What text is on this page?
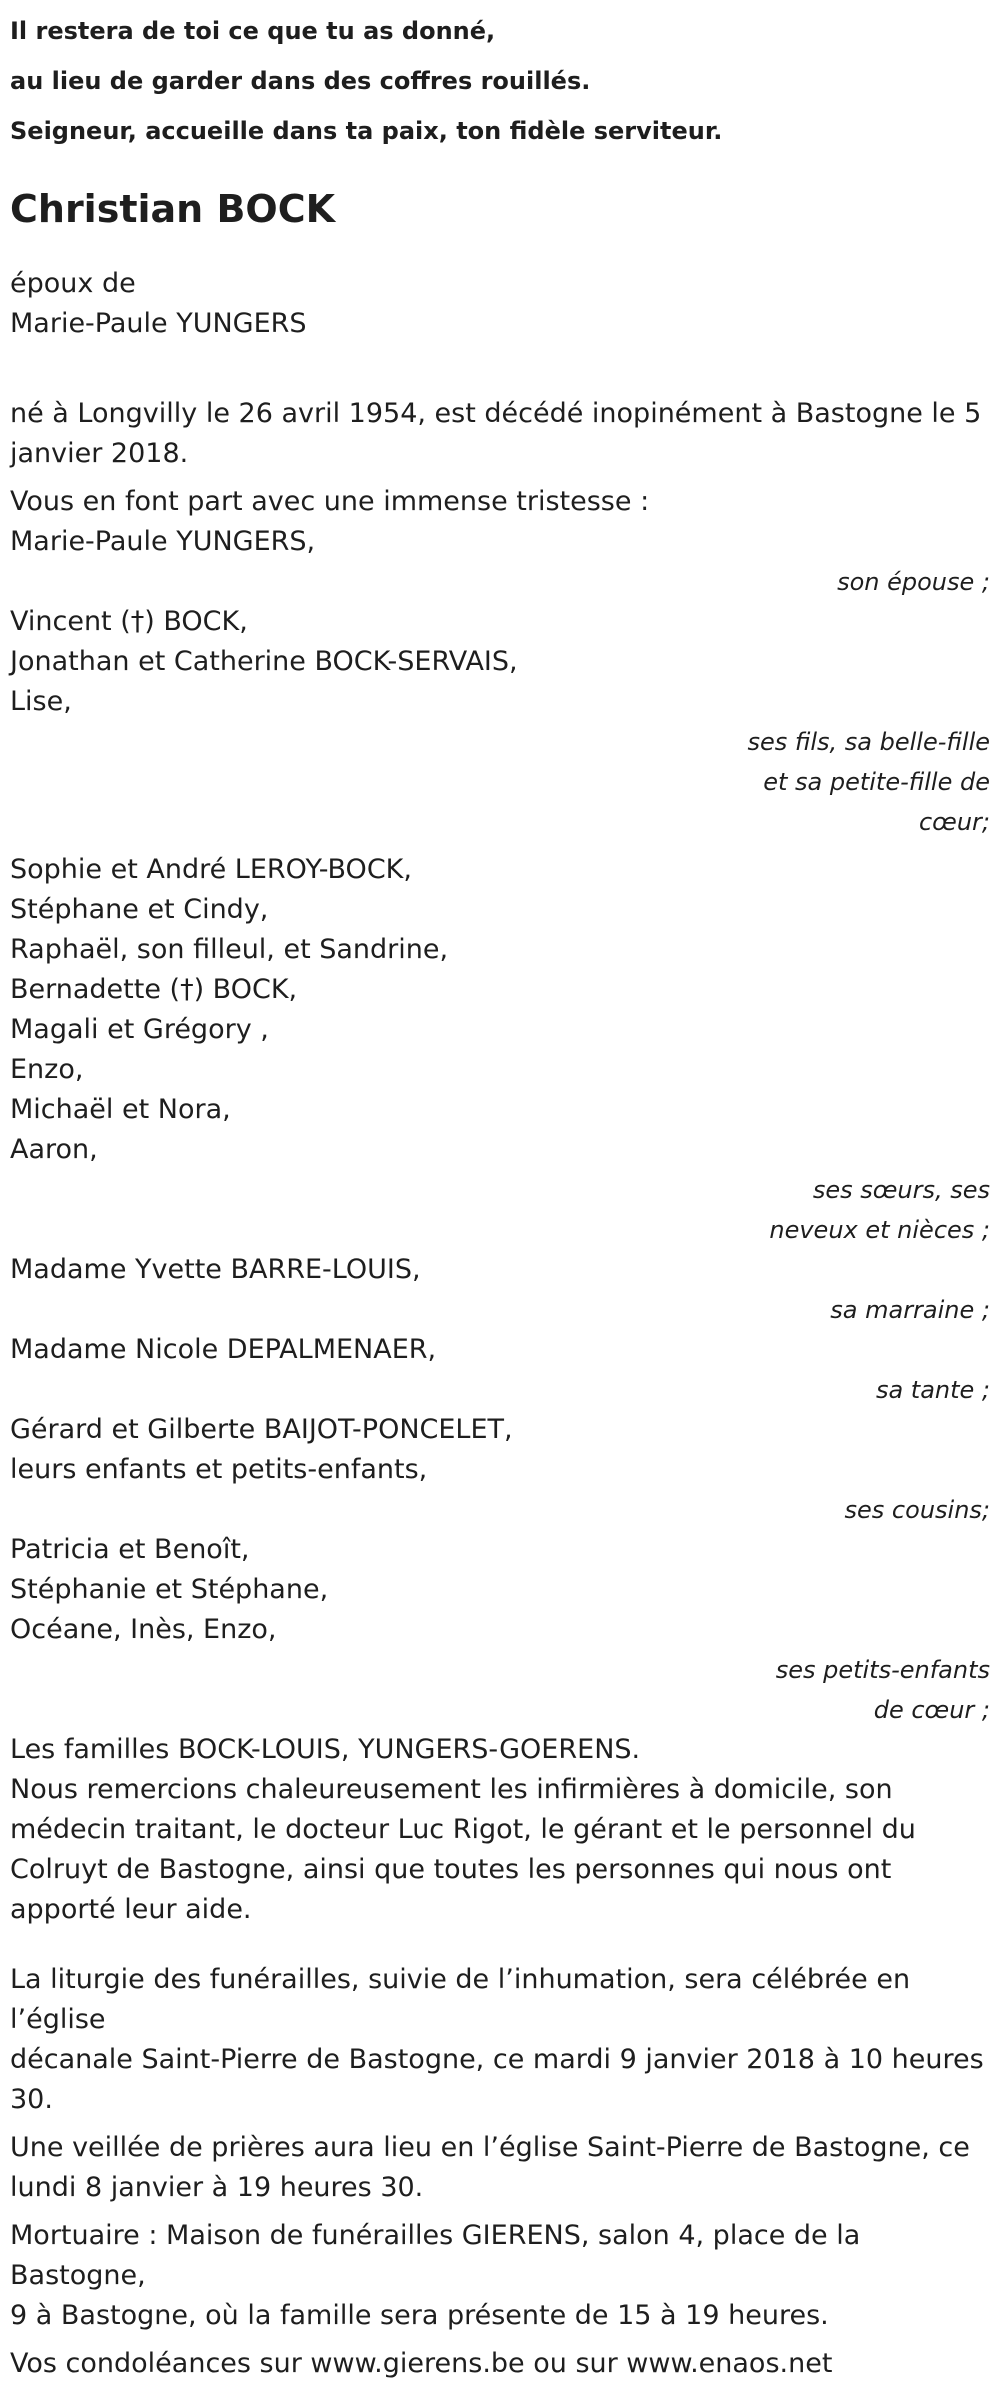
Il restera de toi ce que tu as donné,
au lieu de garder dans des coffres rouillés.
Seigneur, accueille dans ta paix, ton fidèle serviteur.
Christian BOCK

époux de

Marie-Paule YUNGERS

né à Longvilly le 26 avril 1954, est décédé inopinément à Bastogne le 5

janvier 2018.

Vous en font part avec une immense tristesse :

Marie-Paule YUNGERS,

son épouse ;

Vincent (†) BOCK,

Jonathan et Catherine BOCK-SERVAIS,

Lise,

ses fils, sa belle-fille
et sa petite-fille de
cœur;

Sophie et André LEROY-BOCK,

Stéphane et Cindy,

Raphaël, son filleul, et Sandrine,

Bernadette (†) BOCK,

Magali et Grégory ,

Enzo,

Michaël et Nora,

Aaron,

ses sœurs, ses
neveux et nièces ;

Madame Yvette BARRE-LOUIS,

sa marraine ;

Madame Nicole DEPALMENAER,

sa tante ;

Gérard et Gilberte BAIJOT-PONCELET,

leurs enfants et petits-enfants,

ses cousins;

Patricia et Benoît,

Stéphanie et Stéphane,

Océane, Inès, Enzo,

ses petits-enfants
de cœur ;

Les familles BOCK-LOUIS, YUNGERS-GOERENS.

Nous remercions chaleureusement les infirmières à domicile, son

médecin traitant, le docteur Luc Rigot, le gérant et le personnel du

Colruyt de Bastogne, ainsi que toutes les personnes qui nous ont

apporté leur aide.

La liturgie des funérailles, suivie de l’inhumation, sera célébrée en l’église

décanale Saint-Pierre de Bastogne, ce mardi 9 janvier 2018 à 10 heures

30.

Une veillée de prières aura lieu en l’église Saint-Pierre de Bastogne, ce

lundi 8 janvier à 19 heures 30.

Mortuaire : Maison de funérailles GIERENS, salon 4, place de la Bastogne,

9 à Bastogne, où la famille sera présente de 15 à 19 heures.

Vos condoléances sur www.gierens.be ou sur www.enaos.net
